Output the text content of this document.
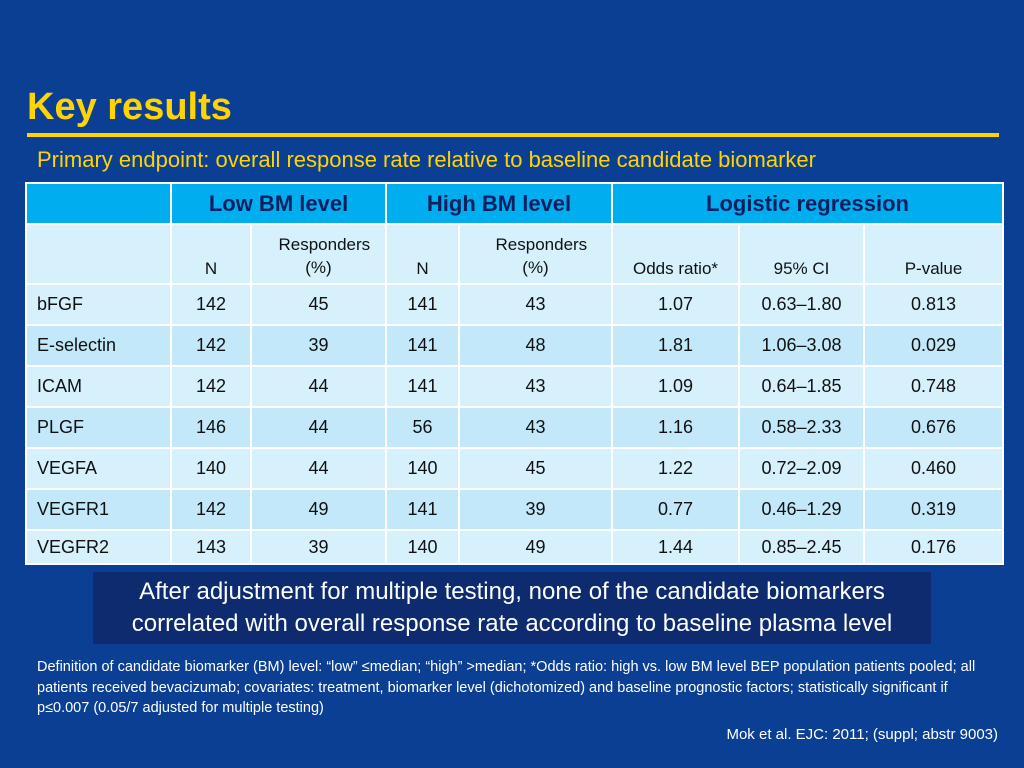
Key results
Primary endpoint: overall response rate relative to baseline candidate biomarker
	Low BM level		High BM level		Logistic regression		
	N	Responders (%)	N	Responders (%)	Odds ratio*	95% CI	P-value
bFGF	142	45	141	43	1.07	0.63–1.80	0.813
E-selectin	142	39	141	48	1.81	1.06–3.08	0.029
ICAM	142	44	141	43	1.09	0.64–1.85	0.748
PLGF	146	44	56	43	1.16	0.58–2.33	0.676
VEGFA	140	44	140	45	1.22	0.72–2.09	0.460
VEGFR1	142	49	141	39	0.77	0.46–1.29	0.319
VEGFR2	143	39	140	49	1.44	0.85–2.45	0.176
After adjustment for multiple testing, none of the candidate biomarkers
correlated with overall response rate according to baseline plasma level
Definition of candidate biomarker (BM) level: “low” ≤median; “high” >median; *Odds ratio: high vs. low BM level BEP population patients pooled; all patients received bevacizumab; covariates: treatment, biomarker level (dichotomized) and baseline prognostic factors; statistically significant if p≤0.007 (0.05/7 adjusted for multiple testing)
Mok et al. EJC: 2011; (suppl; abstr 9003)
